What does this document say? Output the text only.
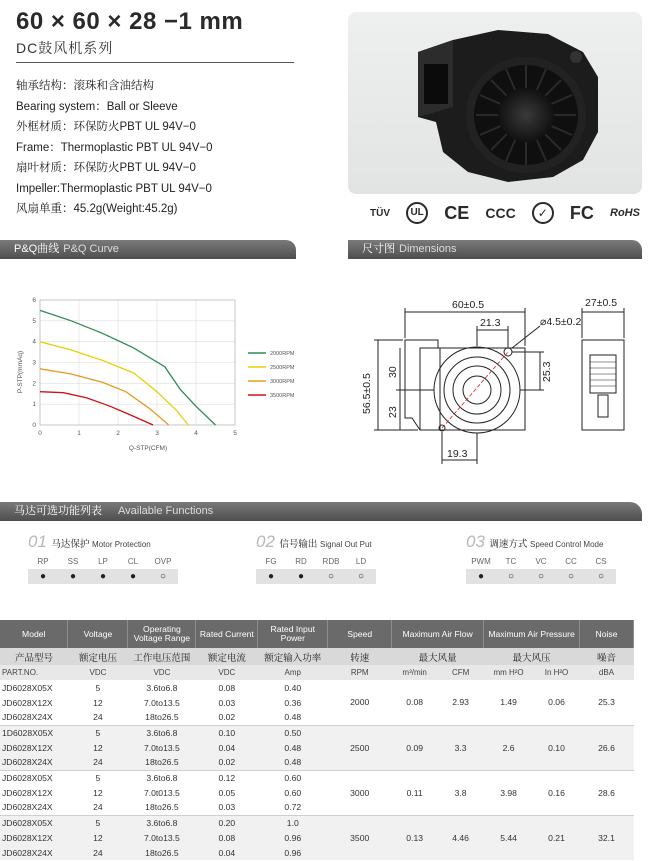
60 × 60 × 28 −1 mm
DC鼓风机系列
轴承结构：滚珠和含油结构
Bearing system：Ball or Sleeve
外框材质：环保防火PBT UL 94V−0
Frame：Thermoplastic PBT UL 94V−0
扇叶材质：环保防火PBT UL 94V−0
Impeller:Thermoplastic PBT UL 94V−0
风扇单重：45.2g(Weight:45.2g)	TÜV	UL CE CCC	✓	FC RoHS
P&Q曲线 P&Q Curve	尺寸图 Dimensions
0
1
2
3
4
5
6
0	1	2	3	4	5
2000RPM
2500RPM
3000RPM
3500RPM
Q-STP(CFM)
P-STP(mmAq)
60±0.5
21.3	⌀4.5±0.2
27±0.5
56.5±0.5
30
23
25.3
19.3
马达可选功能列表 Available Functions
01 马达保护 Motor Protection
RP	SS	LP	CL	OVP
●	●	●	●	○
02 信号输出 Signal Out Put
FG	RD	RDB	LD
●	●	○	○
03 调速方式 Speed Control Mode
PWM	TC	VC	CC	CS
●	○	○	○	○
Model	Voltage	Operating Voltage Range	Rated Current	Rated Input Power	Speed	Maximum Air Flow		Maximum Air Pressure		Noise
产品型号	额定电压	工作电压范围	额定电流	额定输入功率	转速	最大风量		最大风压		噪音
PART.NO.	VDC	VDC	VDC	Amp	RPM	m³/min	CFM	mm H²O	In H²O	dBA
JD6028X05X	5	3.6to6.8	0.08	0.40	2000	0.08	2.93	1.49	0.06	25.3
JD6028X12X	12	7.0to13.5	0.03	0.36						
JD6028X24X	24	18to26.5	0.02	0.48						
1D6028X05X	5	3.6to6.8	0.10	0.50	2500	0.09	3.3	2.6	0.10	26.6
JD6028X12X	12	7.0to13.5	0.04	0.48						
JD6028X24X	24	18to26.5	0.02	0.48						
JD6028X05X	5	3.6to6.8	0.12	0.60	3000	0.11	3.8	3.98	0.16	28.6
JD6028X12X	12	7.0t013.5	0.05	0.60						
JD6028X24X	24	18to26.5	0.03	0.72						
JD6028X05X	5	3.6to6.8	0.20	1.0	3500	0.13	4.46	5.44	0.21	32.1
JD6028X12X	12	7.0to13.5	0.08	0.96						
JD6028X24X	24	18to26.5	0.04	0.96						
